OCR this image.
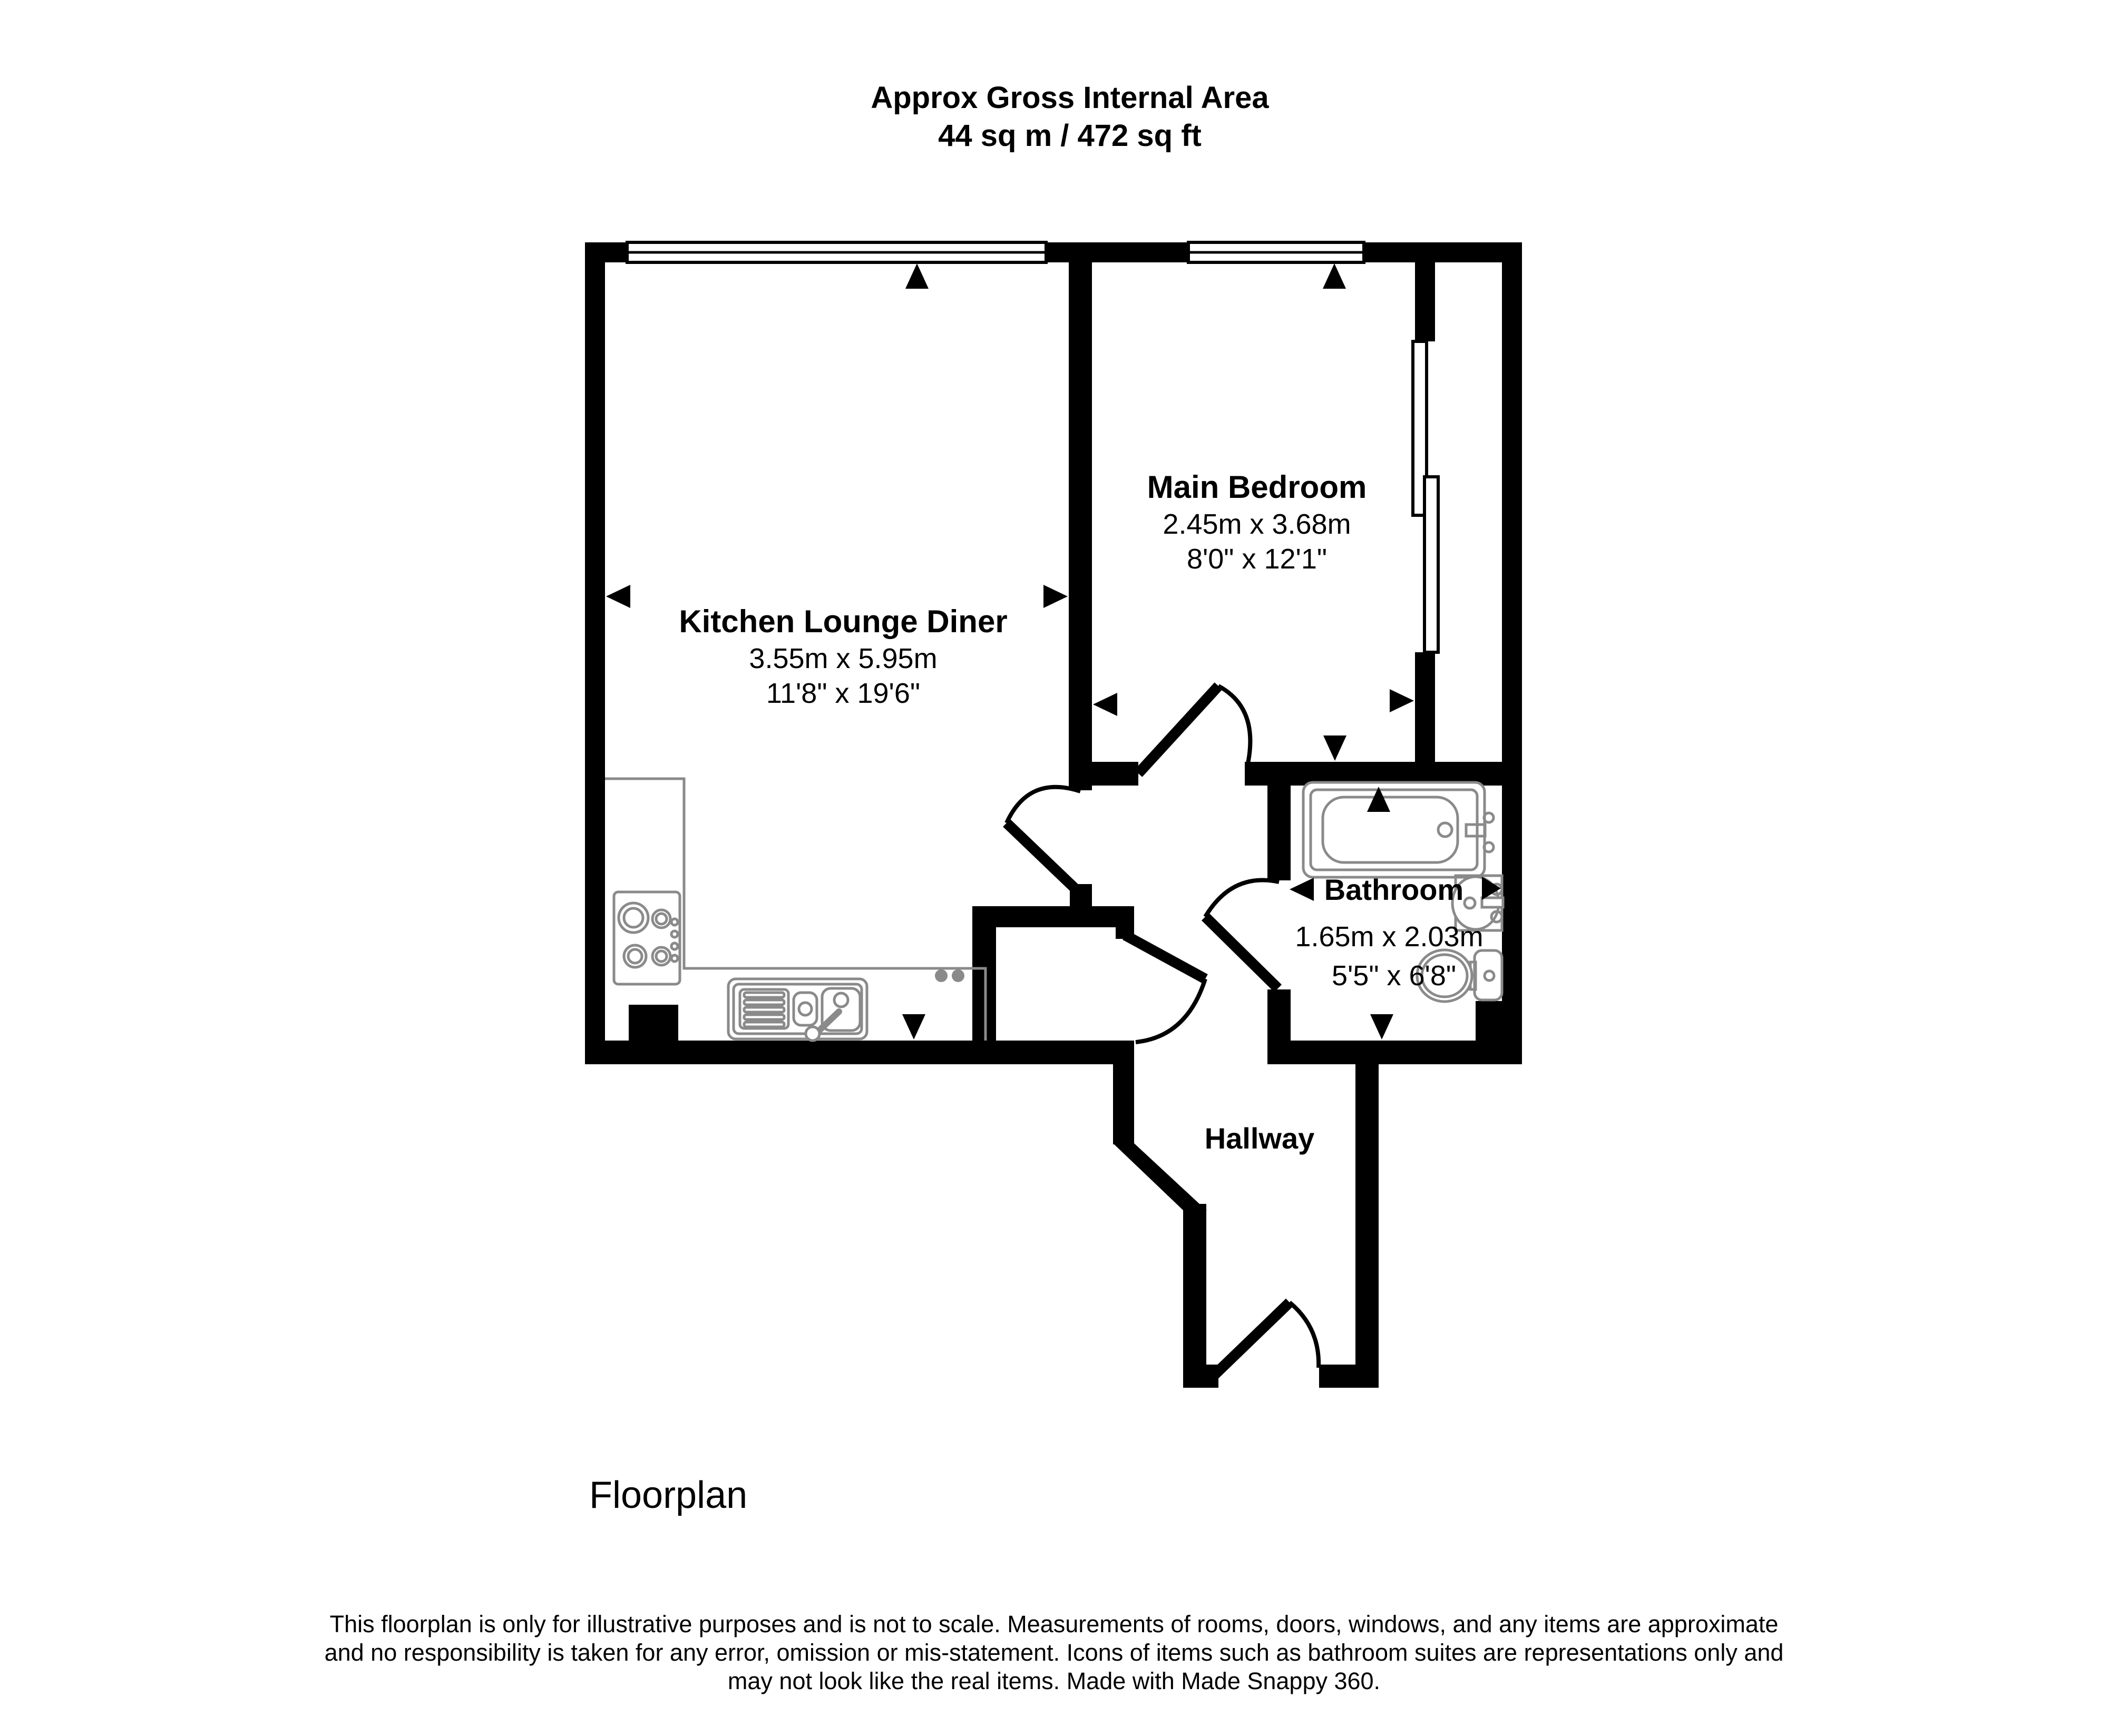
Approx Gross Internal Area
44 sq m / 472 sq ft
Kitchen Lounge Diner
3.55m x 5.95m
11'8" x 19'6"
Main Bedroom
2.45m x 3.68m
8'0" x 12'1"
Bathroom
1.65m x 2.03m
5'5" x 6'8"
Hallway
Floorplan
This floorplan is only for illustrative purposes and is not to scale. Measurements of rooms, doors, windows, and any items are approximate
and no responsibility is taken for any error, omission or mis-statement. Icons of items such as bathroom suites are representations only and
may not look like the real items. Made with Made Snappy 360.
